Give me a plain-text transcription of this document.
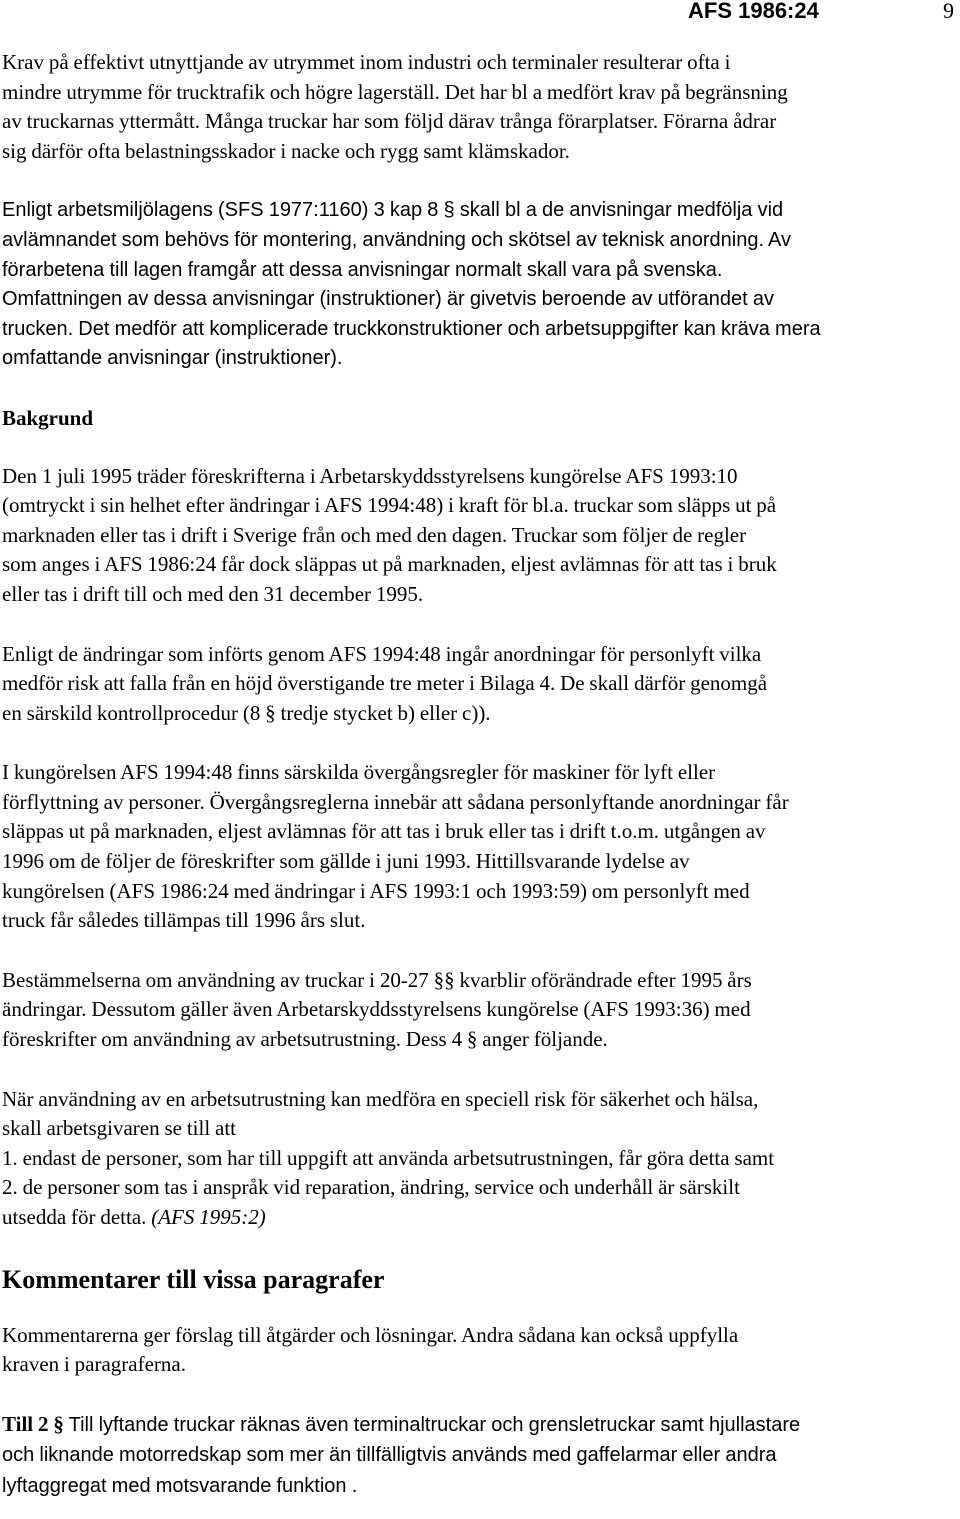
AFS 1986:24	9

Krav på effektivt utnyttjande av utrymmet inom industri och terminaler resulterar ofta i
mindre utrymme för trucktrafik och högre lagerställ. Det har bl a medfört krav på begränsning
av truckarnas yttermått. Många truckar har som följd därav trånga förarplatser. Förarna ådrar
sig därför ofta belastningsskador i nacke och rygg samt klämskador.

Enligt arbetsmiljölagens (SFS 1977:1160) 3 kap 8 § skall bl a de anvisningar medfölja vid
avlämnandet som behövs för montering, användning och skötsel av teknisk anordning. Av
förarbetena till lagen framgår att dessa anvisningar normalt skall vara på svenska.
Omfattningen av dessa anvisningar (instruktioner) är givetvis beroende av utförandet av
trucken. Det medför att komplicerade truckkonstruktioner och arbetsuppgifter kan kräva mera
omfattande anvisningar (instruktioner).

Bakgrund

Den 1 juli 1995 träder föreskrifterna i Arbetarskyddsstyrelsens kungörelse AFS 1993:10
(omtryckt i sin helhet efter ändringar i AFS 1994:48) i kraft för bl.a. truckar som släpps ut på
marknaden eller tas i drift i Sverige från och med den dagen. Truckar som följer de regler
som anges i AFS 1986:24 får dock släppas ut på marknaden, eljest avlämnas för att tas i bruk
eller tas i drift till och med den 31 december 1995.

Enligt de ändringar som införts genom AFS 1994:48 ingår anordningar för personlyft vilka
medför risk att falla från en höjd överstigande tre meter i Bilaga 4. De skall därför genomgå
en särskild kontrollprocedur (8 § tredje stycket b) eller c)).

I kungörelsen AFS 1994:48 finns särskilda övergångsregler för maskiner för lyft eller
förflyttning av personer. Övergångsreglerna innebär att sådana personlyftande anordningar får
släppas ut på marknaden, eljest avlämnas för att tas i bruk eller tas i drift t.o.m. utgången av
1996 om de följer de föreskrifter som gällde i juni 1993. Hittillsvarande lydelse av
kungörelsen (AFS 1986:24 med ändringar i AFS 1993:1 och 1993:59) om personlyft med
truck får således tillämpas till 1996 års slut.

Bestämmelserna om användning av truckar i 20-27 §§ kvarblir oförändrade efter 1995 års
ändringar. Dessutom gäller även Arbetarskyddsstyrelsens kungörelse (AFS 1993:36) med
föreskrifter om användning av arbetsutrustning. Dess 4 § anger följande.

När användning av en arbetsutrustning kan medföra en speciell risk för säkerhet och hälsa,
skall arbetsgivaren se till att
1. endast de personer, som har till uppgift att använda arbetsutrustningen, får göra detta samt
2. de personer som tas i anspråk vid reparation, ändring, service och underhåll är särskilt
utsedda för detta. (AFS 1995:2)

Kommentarer till vissa paragrafer

Kommentarerna ger förslag till åtgärder och lösningar. Andra sådana kan också uppfylla
kraven i paragraferna.

Till 2 § Till lyftande truckar räknas även terminaltruckar och grensletruckar samt hjullastare
och liknande motorredskap som mer än tillfälligtvis används med gaffelarmar eller andra
lyftaggregat med motsvarande funktion .
